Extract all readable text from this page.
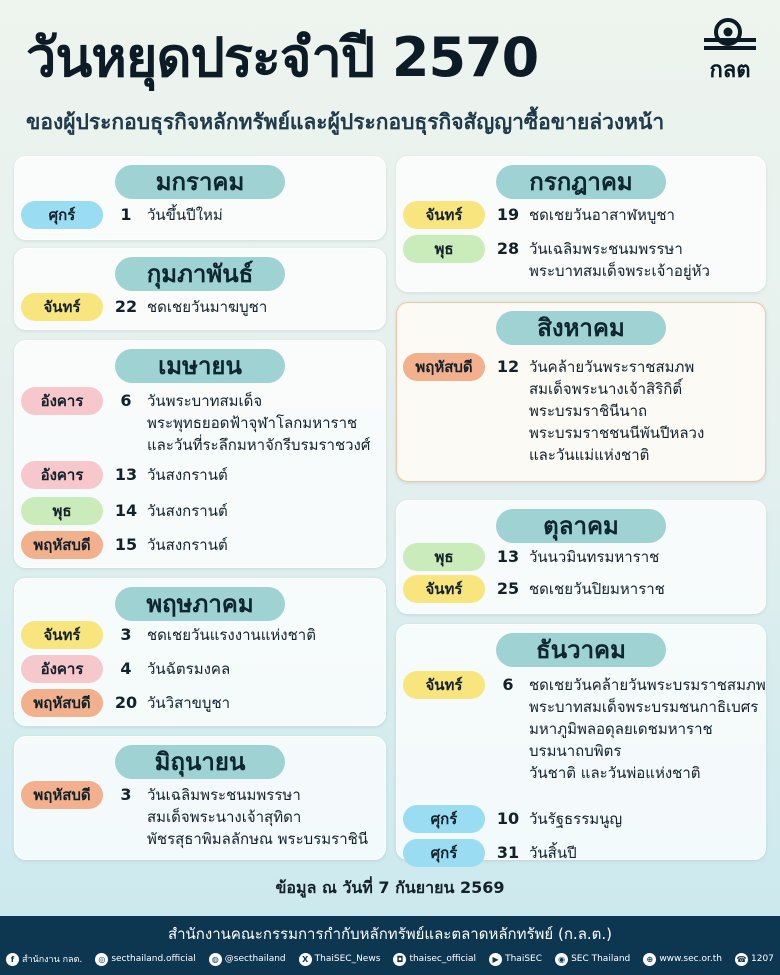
วันหยุดประจำปี 2570
ของผู้ประกอบธุรกิจหลักทรัพย์และผู้ประกอบธุรกิจสัญญาซื้อขายล่วงหน้า
กลต
มกราคม
ศุกร์	1	วันขึ้นปีใหม่
กุมภาพันธ์
จันทร์	22 ชดเชยวันมาฆบูชา
เมษายน
อังคาร	6	วันพระบาทสมเด็จ
พระพุทธยอดฟ้าจุฬาโลกมหาราช
และวันที่ระลึกมหาจักรีบรมราชวงศ์
อังคาร	13 วันสงกรานต์
พุธ	14 วันสงกรานต์
พฤหัสบดี	15 วันสงกรานต์
พฤษภาคม
จันทร์	3	ชดเชยวันแรงงานแห่งชาติ
อังคาร	4	วันฉัตรมงคล
พฤหัสบดี	20 วันวิสาขบูชา
มิถุนายน
พฤหัสบดี	3	วันเฉลิมพระชนมพรรษา
สมเด็จพระนางเจ้าสุทิดา
พัชรสุธาพิมลลักษณ พระบรมราชินี
กรกฎาคม
จันทร์	19 ชดเชยวันอาสาฬหบูชา
พุธ	28 วันเฉลิมพระชนมพรรษา
พระบาทสมเด็จพระเจ้าอยู่หัว
สิงหาคม
พฤหัสบดี	12 วันคล้ายวันพระราชสมภพ
สมเด็จพระนางเจ้าสิริกิติ์
พระบรมราชินีนาถ
พระบรมราชชนนีพันปีหลวง
และวันแม่แห่งชาติ
ตุลาคม
พุธ	13 วันนวมินทรมหาราช
จันทร์	25 ชดเชยวันปิยมหาราช
ธันวาคม
จันทร์	6	ชดเชยวันคล้ายวันพระบรมราชสมภพ
พระบาทสมเด็จพระบรมชนกาธิเบศร
มหาภูมิพลอดุลยเดชมหาราช
บรมนาถบพิตร
วันชาติ และวันพ่อแห่งชาติ
ศุกร์	10 วันรัฐธรรมนูญ
ศุกร์	31 วันสิ้นปี
ข้อมูล ณ วันที่ 7 กันยายน 2569
สำนักงานคณะกรรมการกำกับหลักทรัพย์และตลาดหลักทรัพย์ (ก.ล.ต.)
f สำนักงาน กลต.	◎ secthailand.official	◍ @secthailand	X ThaiSEC_News	◘ thaisec_official	▶ ThaiSEC	◉ SEC Thailand	⊕ www.sec.or.th ☎ 1207
